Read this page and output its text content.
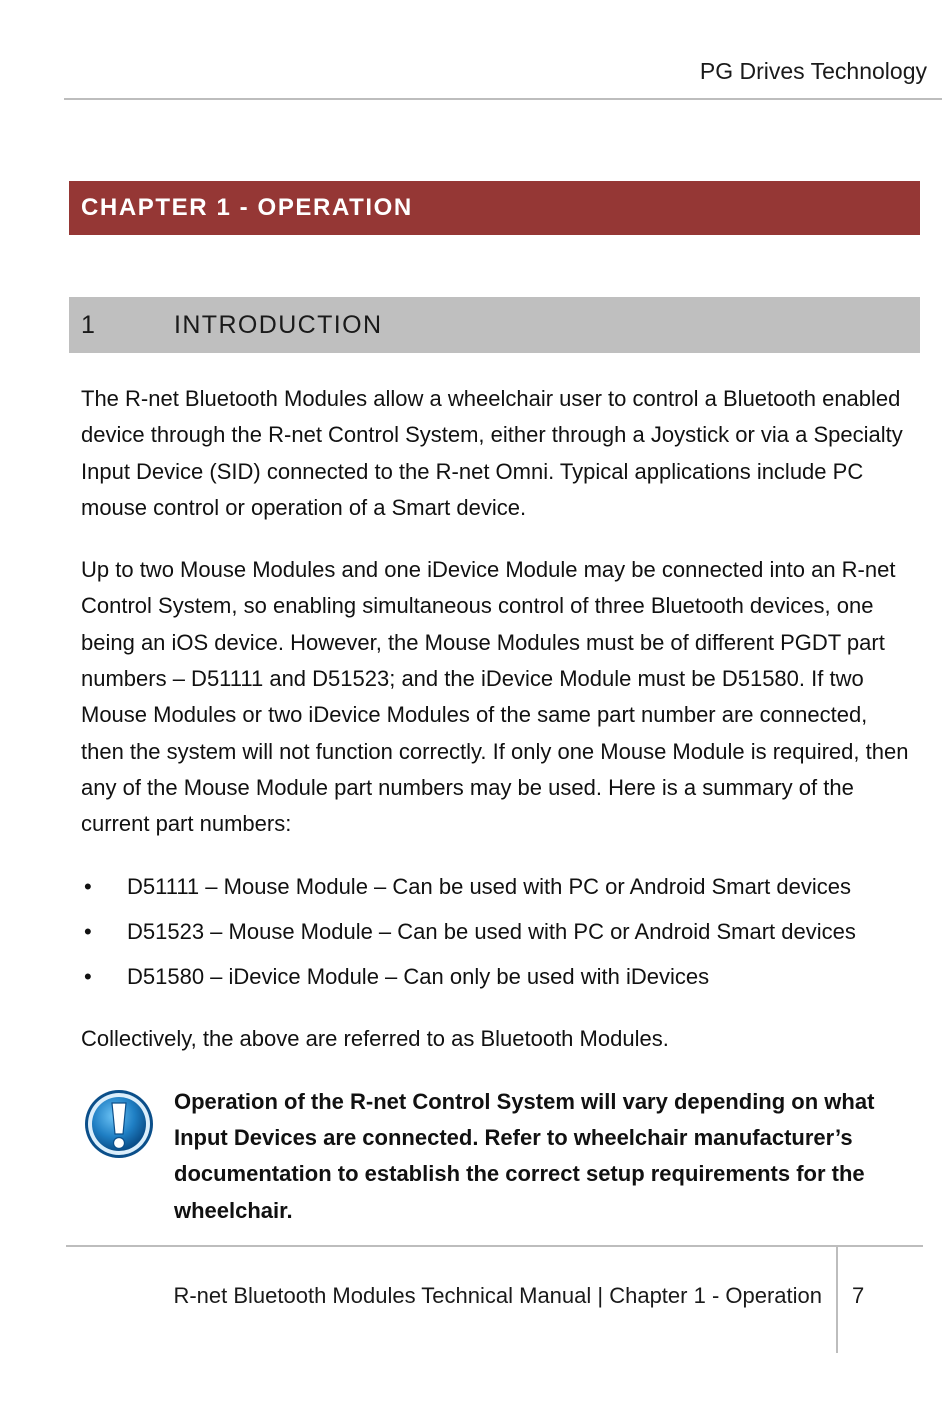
PG Drives Technology
CHAPTER 1 - OPERATION
1	INTRODUCTION

The R-net Bluetooth Modules allow a wheelchair user to control a Bluetooth enabled device through the R-net Control System, either through a Joystick or via a Specialty Input Device (SID) connected to the R-net Omni. Typical applications include PC mouse control or operation of a Smart device.

Up to two Mouse Modules and one iDevice Module may be connected into an R-net Control System, so enabling simultaneous control of three Bluetooth devices, one being an iOS device. However, the Mouse Modules must be of different PGDT part numbers – D51111 and D51523; and the iDevice Module must be D51580. If two Mouse Modules or two iDevice Modules of the same part number are connected, then the system will not function correctly. If only one Mouse Module is required, then any of the Mouse Module part numbers may be used. Here is a summary of the current part numbers:

• D51111 – Mouse Module – Can be used with PC or Android Smart devices
• D51523 – Mouse Module – Can be used with PC or Android Smart devices
• D51580 – iDevice Module – Can only be used with iDevices

Collectively, the above are referred to as Bluetooth Modules.

Operation of the R-net Control System will vary depending on what Input Devices are connected. Refer to wheelchair manufacturer’s documentation to establish the correct setup requirements for the wheelchair.
R-net Bluetooth Modules Technical Manual | Chapter 1 - Operation 7
